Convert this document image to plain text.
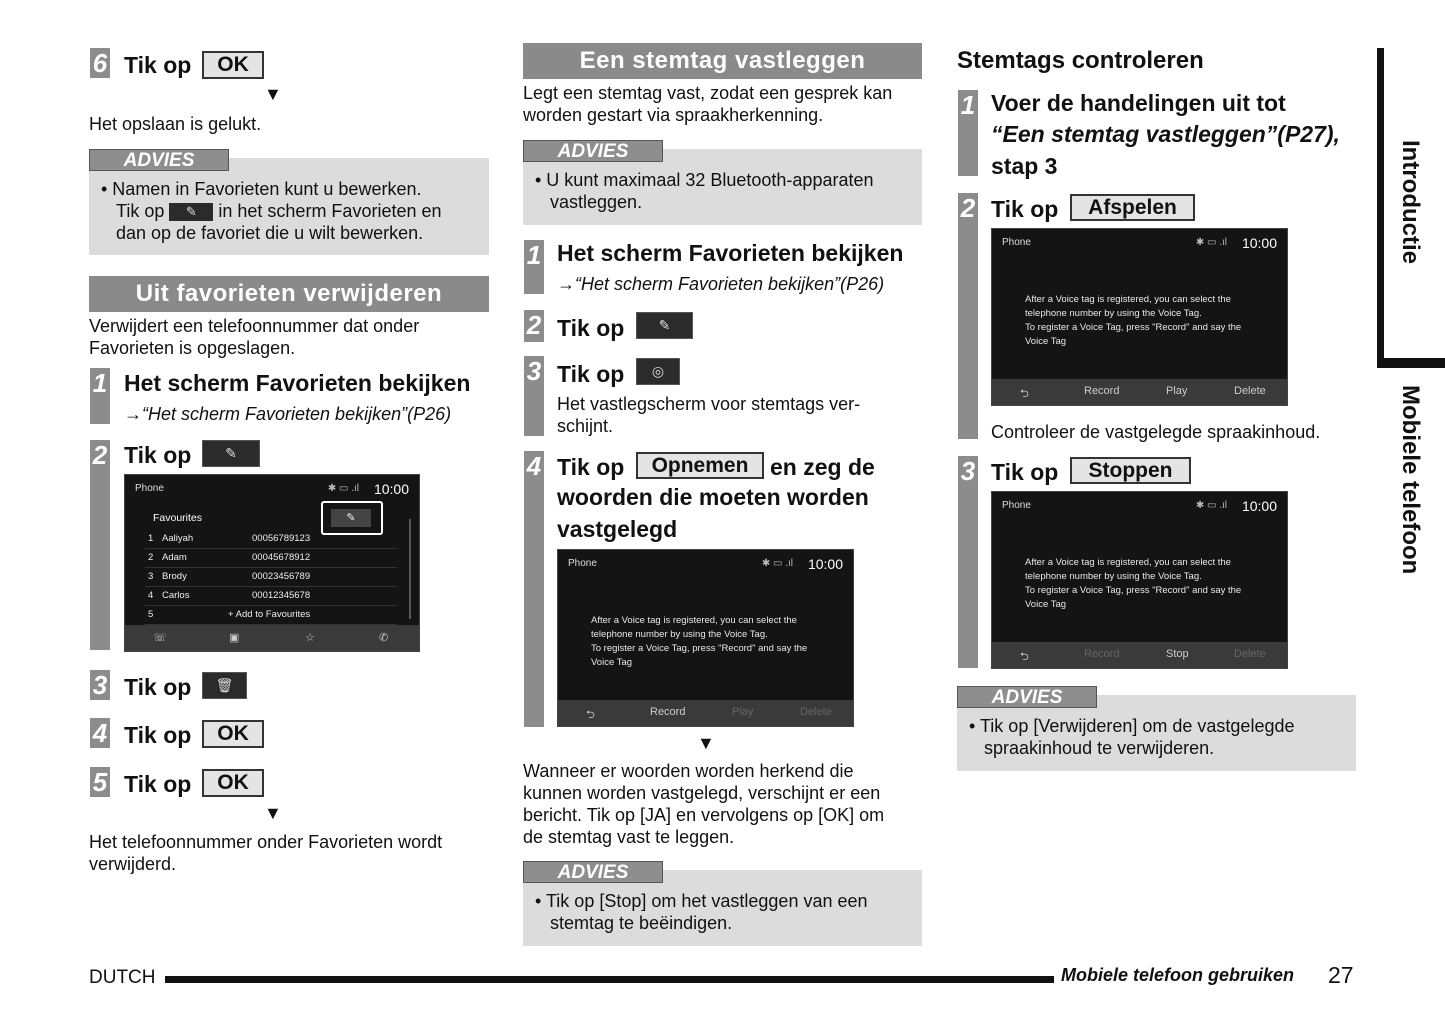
6 Tik op	OK
▼
Het opslaan is gelukt.
• Namen in Favorieten kunt u bewerken.
Tik op ✎ in het scherm Favorieten en
dan op de favoriet die u wilt bewerken.
ADVIES
Uit favorieten verwijderen
Verwijdert een telefoonnummer dat onder
Favorieten is opgeslagen.
1 Het scherm Favorieten bekijken
→“Het scherm Favorieten bekijken”(P26)
2 Tik op	✎
Phone	✱ ▭ .ıl 10:00
Favourites	✎
1 Aaliyah	00056789123
2 Adam	00045678912
3 Brody	00023456789
4 Carlos	00012345678
5	+ Add to Favourites
☏	▣	☆	✆
3 Tik op	🗑
4 Tik op	OK
5 Tik op	OK
▼
Het telefoonnummer onder Favorieten wordt
verwijderd.
Een stemtag vastleggen
Legt een stemtag vast, zodat een gesprek kan
worden gestart via spraakherkenning.
• U kunt maximaal 32 Bluetooth-apparaten
vastleggen.
ADVIES
1 Het scherm Favorieten bekijken
→“Het scherm Favorieten bekijken”(P26)
2 Tik op	✎
3 Tik op	◎
Het vastlegscherm voor stemtags ver-
schijnt.
4 Tik op	Opnemen en zeg de
woorden die moeten worden
vastgelegd
Phone	✱ ▭ .ıl 10:00
After a Voice tag is registered, you can select the
telephone number by using the Voice Tag.
To register a Voice Tag, press "Record" and say the
Voice Tag
⮌	Record	Play	Delete
▼
Wanneer er woorden worden herkend die
kunnen worden vastgelegd, verschijnt er een
bericht. Tik op [JA] en vervolgens op [OK] om
de stemtag vast te leggen.
• Tik op [Stop] om het vastleggen van een
stemtag te beëindigen.
ADVIES
Stemtags controleren
1 Voer de handelingen uit tot
“Een stemtag vastleggen”(P27),
stap 3
2 Tik op	Afspelen
Phone	✱ ▭ .ıl 10:00
After a Voice tag is registered, you can select the
telephone number by using the Voice Tag.
To register a Voice Tag, press "Record" and say the
Voice Tag
⮌	Record	Play	Delete
Controleer de vastgelegde spraakinhoud.
3 Tik op	Stoppen
Phone	✱ ▭ .ıl 10:00
After a Voice tag is registered, you can select the
telephone number by using the Voice Tag.
To register a Voice Tag, press "Record" and say the
Voice Tag
⮌	Record	Stop	Delete
• Tik op [Verwijderen] om de vastgelegde
spraakinhoud te verwijderen.
ADVIES
Introductie
Mobiele telefoon
DUTCH	Mobiele telefoon gebruiken 27
